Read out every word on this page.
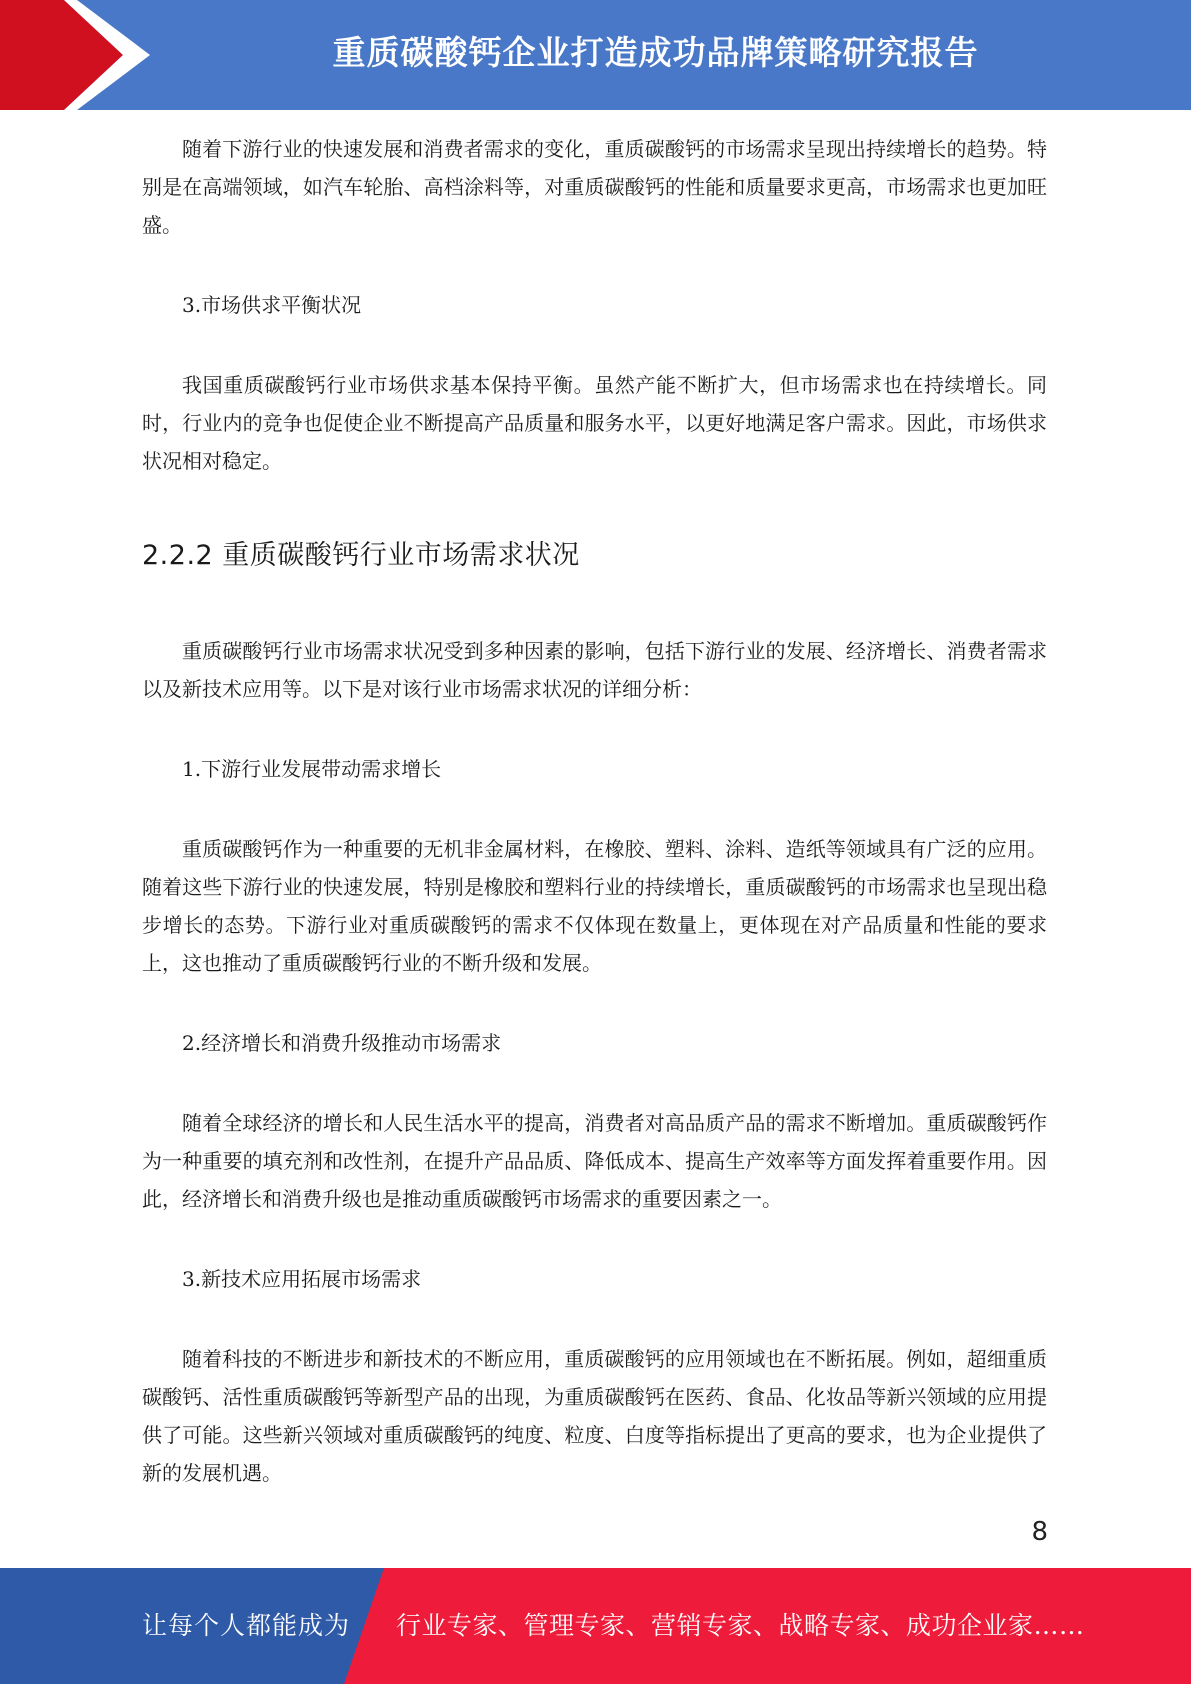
重质碳酸钙企业打造成功品牌策略研究报告

随着下游行业的快速发展和消费者需求的变化，重质碳酸钙的市场需求呈现出持续增长的趋势。特别是在高端领域，如汽车轮胎、高档涂料等，对重质碳酸钙的性能和质量要求更高，市场需求也更加旺盛。

3.市场供求平衡状况

我国重质碳酸钙行业市场供求基本保持平衡。虽然产能不断扩大，但市场需求也在持续增长。同时，行业内的竞争也促使企业不断提高产品质量和服务水平，以更好地满足客户需求。因此，市场供求状况相对稳定。

2.2.2 重质碳酸钙行业市场需求状况

重质碳酸钙行业市场需求状况受到多种因素的影响，包括下游行业的发展、经济增长、消费者需求以及新技术应用等。以下是对该行业市场需求状况的详细分析：

1.下游行业发展带动需求增长

重质碳酸钙作为一种重要的无机非金属材料，在橡胶、塑料、涂料、造纸等领域具有广泛的应用。随着这些下游行业的快速发展，特别是橡胶和塑料行业的持续增长，重质碳酸钙的市场需求也呈现出稳步增长的态势。下游行业对重质碳酸钙的需求不仅体现在数量上，更体现在对产品质量和性能的要求上，这也推动了重质碳酸钙行业的不断升级和发展。

2.经济增长和消费升级推动市场需求

随着全球经济的增长和人民生活水平的提高，消费者对高品质产品的需求不断增加。重质碳酸钙作为一种重要的填充剂和改性剂，在提升产品品质、降低成本、提高生产效率等方面发挥着重要作用。因此，经济增长和消费升级也是推动重质碳酸钙市场需求的重要因素之一。

3.新技术应用拓展市场需求

随着科技的不断进步和新技术的不断应用，重质碳酸钙的应用领域也在不断拓展。例如，超细重质碳酸钙、活性重质碳酸钙等新型产品的出现，为重质碳酸钙在医药、食品、化妆品等新兴领域的应用提供了可能。这些新兴领域对重质碳酸钙的纯度、粒度、白度等指标提出了更高的要求，也为企业提供了新的发展机遇。

8
让每个人都能成为 行业专家、管理专家、营销专家、战略专家、成功企业家……
